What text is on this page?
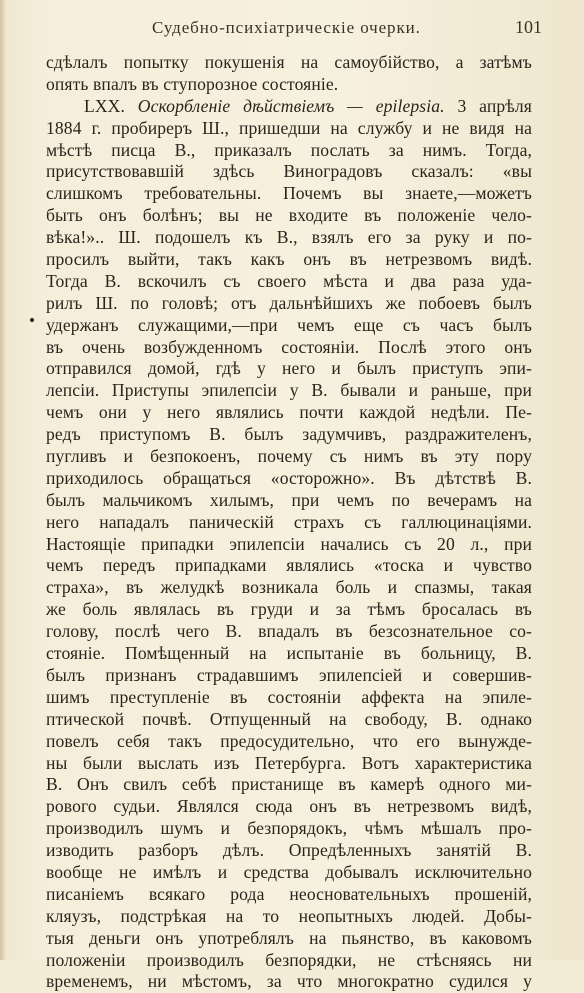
Судебно-психіатрическіе очерки.	101
сдѣлалъ попытку покушенія на самоубійство, а затѣмъ
опять впалъ въ ступорозное состояніе.
LXX. Оскорбленіе дѣйствіемъ — epilepsia. 3 апрѣля
1884 г. пробиреръ Ш., пришедши на службу и не видя на
мѣстѣ писца В., приказалъ послать за нимъ. Тогда,
присутствовавшій здѣсь Виноградовъ сказалъ: «вы
слишкомъ требовательны. Почемъ вы знаете,—можетъ
быть онъ болѣнъ; вы не входите въ положеніе чело-
вѣка!».. Ш. подошелъ къ В., взялъ его за руку и по-
просилъ выйти, такъ какъ онъ въ нетрезвомъ видѣ.
Тогда В. вскочилъ съ своего мѣста и два раза уда-
рилъ Ш. по головѣ; отъ дальнѣйшихъ же побоевъ былъ
удержанъ служащими,—при чемъ еще съ часъ былъ
въ очень возбужденномъ состояніи. Послѣ этого онъ
отправился домой, гдѣ у него и былъ приступъ эпи-
лепсіи. Приступы эпилепсіи у В. бывали и раньше, при
чемъ они у него являлись почти каждой недѣли. Пе-
редъ приступомъ В. былъ задумчивъ, раздражителенъ,
пугливъ и безпокоенъ, почему съ нимъ въ эту пору
приходилось обращаться «осторожно». Въ дѣтствѣ В.
былъ мальчикомъ хилымъ, при чемъ по вечерамъ на
него нападалъ паническій страхъ съ галлюцинаціями.
Настоящіе припадки эпилепсіи начались съ 20 л., при
чемъ передъ припадками являлись «тоска и чувство
страха», въ желудкѣ возникала боль и спазмы, такая
же боль являлась въ груди и за тѣмъ бросалась въ
голову, послѣ чего В. впадалъ въ безсознательное со-
стояніе. Помѣщенный на испытаніе въ больницу, В.
былъ признанъ страдавшимъ эпилепсіей и совершив-
шимъ преступленіе въ состояніи аффекта на эпиле-
птической почвѣ. Отпущенный на свободу, В. однако
повелъ себя такъ предосудительно, что его вынужде-
ны были выслать изъ Петербурга. Вотъ характеристика
В. Онъ свилъ себѣ пристанище въ камерѣ одного ми-
рового судьи. Являлся сюда онъ въ нетрезвомъ видѣ,
производилъ шумъ и безпорядокъ, чѣмъ мѣшалъ про-
изводить разборъ дѣлъ. Опредѣленныхъ занятій В.
вообще не имѣлъ и средства добывалъ исключительно
писаніемъ всякаго рода неосновательныхъ прошеній,
кляузъ, подстрѣкая на то неопытныхъ людей. Добы-
тыя деньги онъ употреблялъ на пьянство, въ каковомъ
положеніи производилъ безпорядки, не стѣсняясь ни
временемъ, ни мѣстомъ, за что многократно судился у
